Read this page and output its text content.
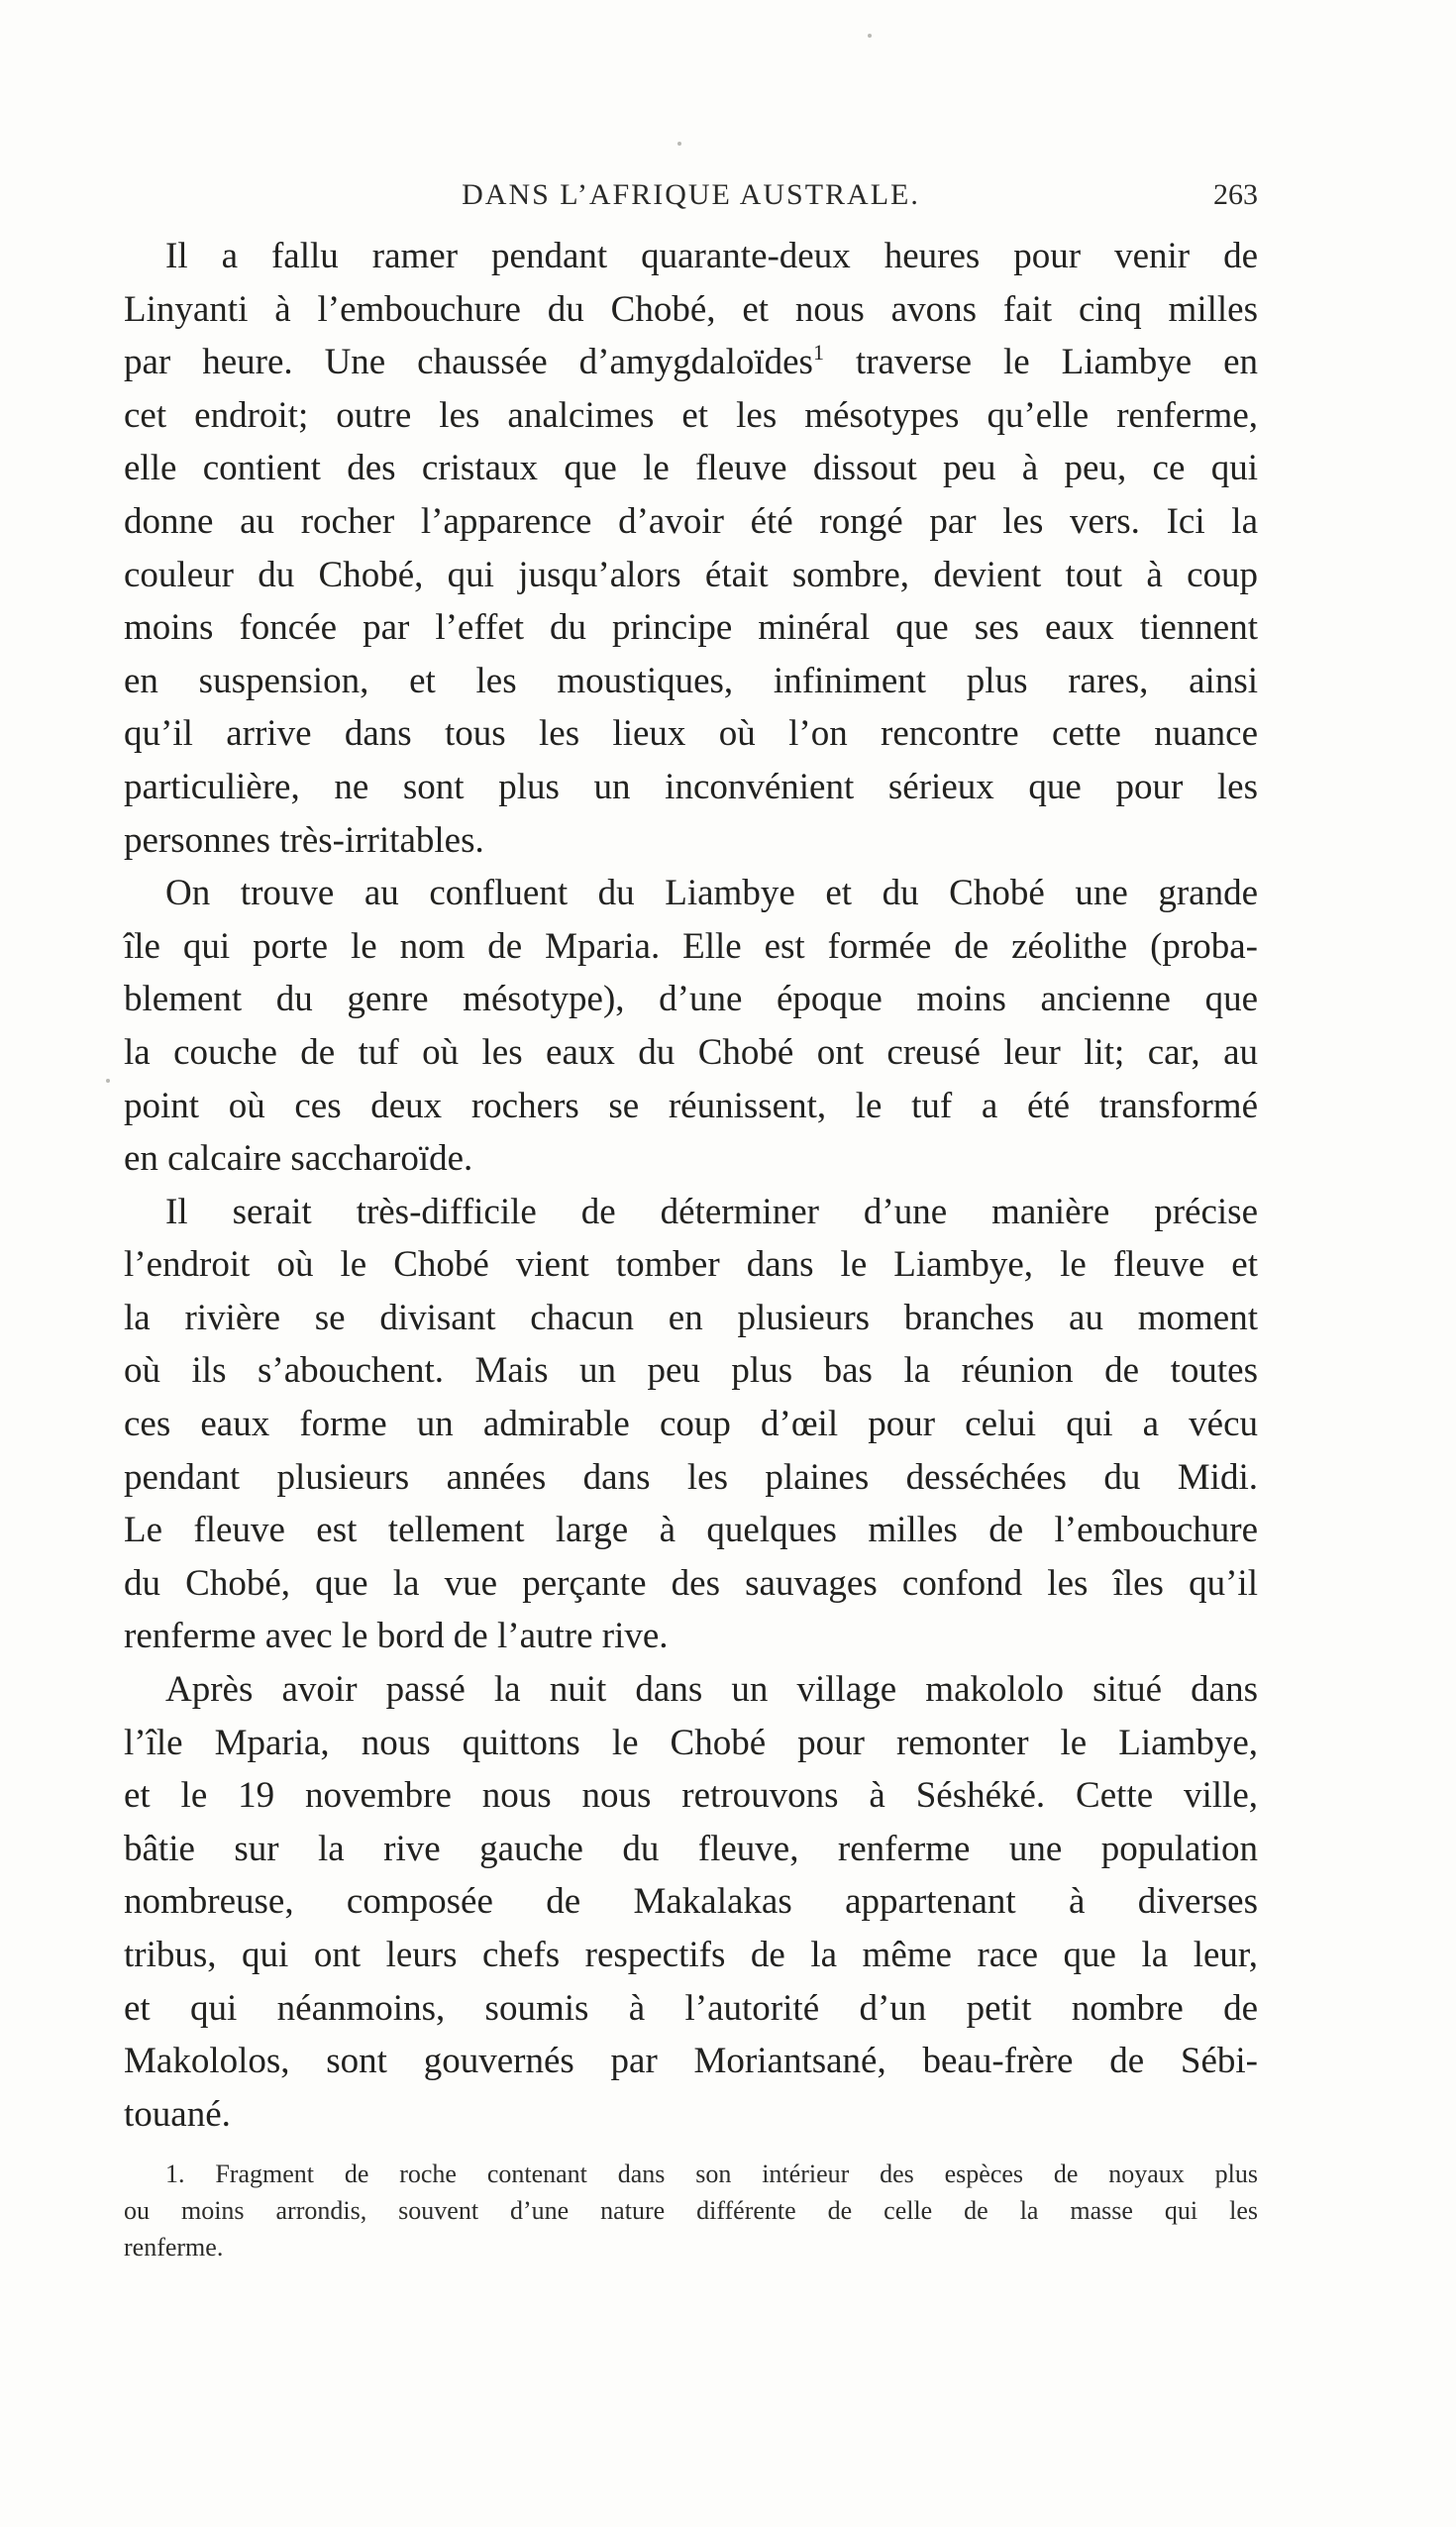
DANS L’AFRIQUE AUSTRALE.	263
Il a fallu ramer pendant quarante-deux heures pour venir de
Linyanti à l’embouchure du Chobé, et nous avons fait cinq milles
par heure. Une chaussée d’amygdaloïdes$^1$ traverse le Liambye en
cet endroit; outre les analcimes et les mésotypes qu’elle renferme,
elle contient des cristaux que le fleuve dissout peu à peu, ce qui
donne au rocher l’apparence d’avoir été rongé par les vers. Ici la
couleur du Chobé, qui jusqu’alors était sombre, devient tout à coup
moins foncée par l’effet du principe minéral que ses eaux tiennent
en suspension, et les moustiques, infiniment plus rares, ainsi
qu’il arrive dans tous les lieux où l’on rencontre cette nuance
particulière, ne sont plus un inconvénient sérieux que pour les
personnes très-irritables.
On trouve au confluent du Liambye et du Chobé une grande
île qui porte le nom de Mparia. Elle est formée de zéolithe (proba-
blement du genre mésotype), d’une époque moins ancienne que
la couche de tuf où les eaux du Chobé ont creusé leur lit; car, au
point où ces deux rochers se réunissent, le tuf a été transformé
en calcaire saccharoïde.
Il serait très-difficile de déterminer d’une manière précise
l’endroit où le Chobé vient tomber dans le Liambye, le fleuve et
la rivière se divisant chacun en plusieurs branches au moment
où ils s’abouchent. Mais un peu plus bas la réunion de toutes
ces eaux forme un admirable coup d’œil pour celui qui a vécu
pendant plusieurs années dans les plaines desséchées du Midi.
Le fleuve est tellement large à quelques milles de l’embouchure
du Chobé, que la vue perçante des sauvages confond les îles qu’il
renferme avec le bord de l’autre rive.
Après avoir passé la nuit dans un village makololo situé dans
l’île Mparia, nous quittons le Chobé pour remonter le Liambye,
et le 19 novembre nous nous retrouvons à Séshéké. Cette ville,
bâtie sur la rive gauche du fleuve, renferme une population
nombreuse, composée de Makalakas appartenant à diverses
tribus, qui ont leurs chefs respectifs de la même race que la leur,
et qui néanmoins, soumis à l’autorité d’un petit nombre de
Makololos, sont gouvernés par Moriantsané, beau-frère de Sébi-
touané.
1. Fragment de roche contenant dans son intérieur des espèces de noyaux plus
ou moins arrondis, souvent d’une nature différente de celle de la masse qui les
renferme.
